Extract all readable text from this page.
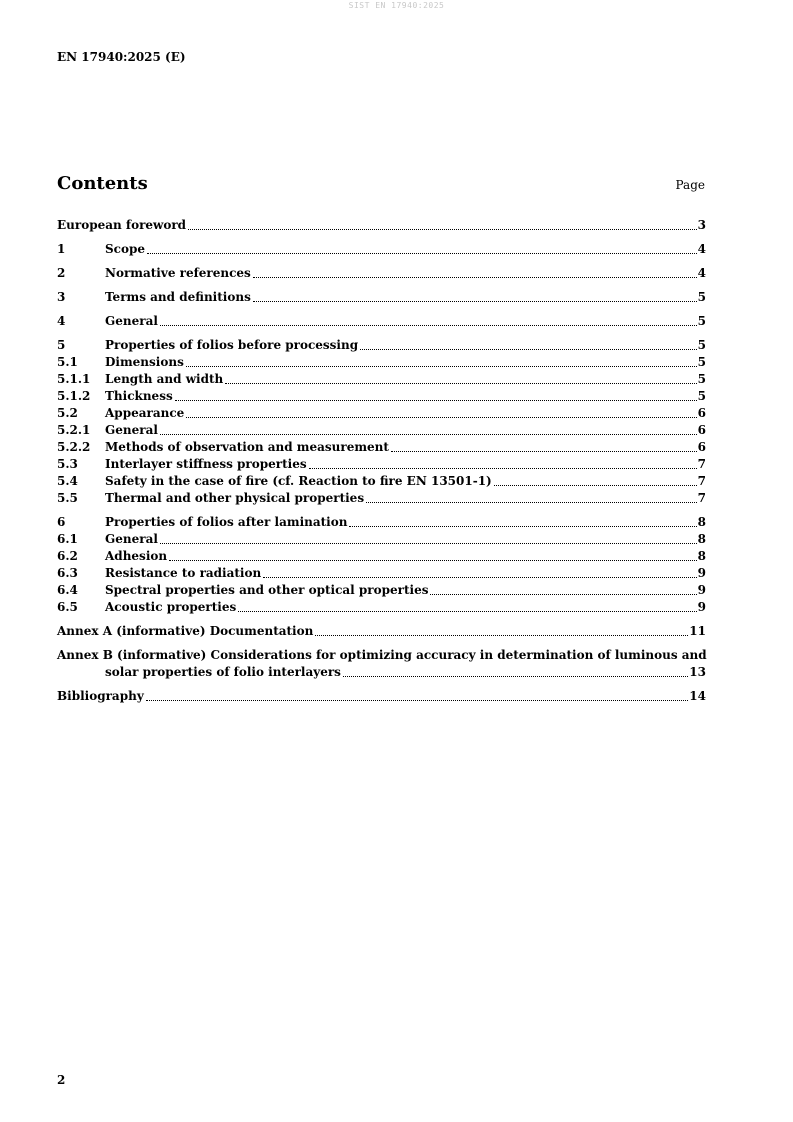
SIST EN 17940:2025
EN 17940:2025 (E)
Contents	Page
European foreword	3
1	Scope	4
2	Normative references	4
3	Terms and definitions	5
4	General	5
5	Properties of folios before processing	5
5.1	Dimensions	5
5.1.1	Length and width	5
5.1.2	Thickness	5
5.2	Appearance	6
5.2.1	General	6
5.2.2	Methods of observation and measurement	6
5.3	Interlayer stiffness properties	7
5.4	Safety in the case of fire (cf. Reaction to fire EN 13501-1)	7
5.5	Thermal and other physical properties	7
6	Properties of folios after lamination	8
6.1	General	8
6.2	Adhesion	8
6.3	Resistance to radiation	9
6.4	Spectral properties and other optical properties	9
6.5	Acoustic properties	9
Annex A (informative) Documentation	11
Annex B (informative) Considerations for optimizing accuracy in determination of luminous and
solar properties of folio interlayers	13
Bibliography	14
2
